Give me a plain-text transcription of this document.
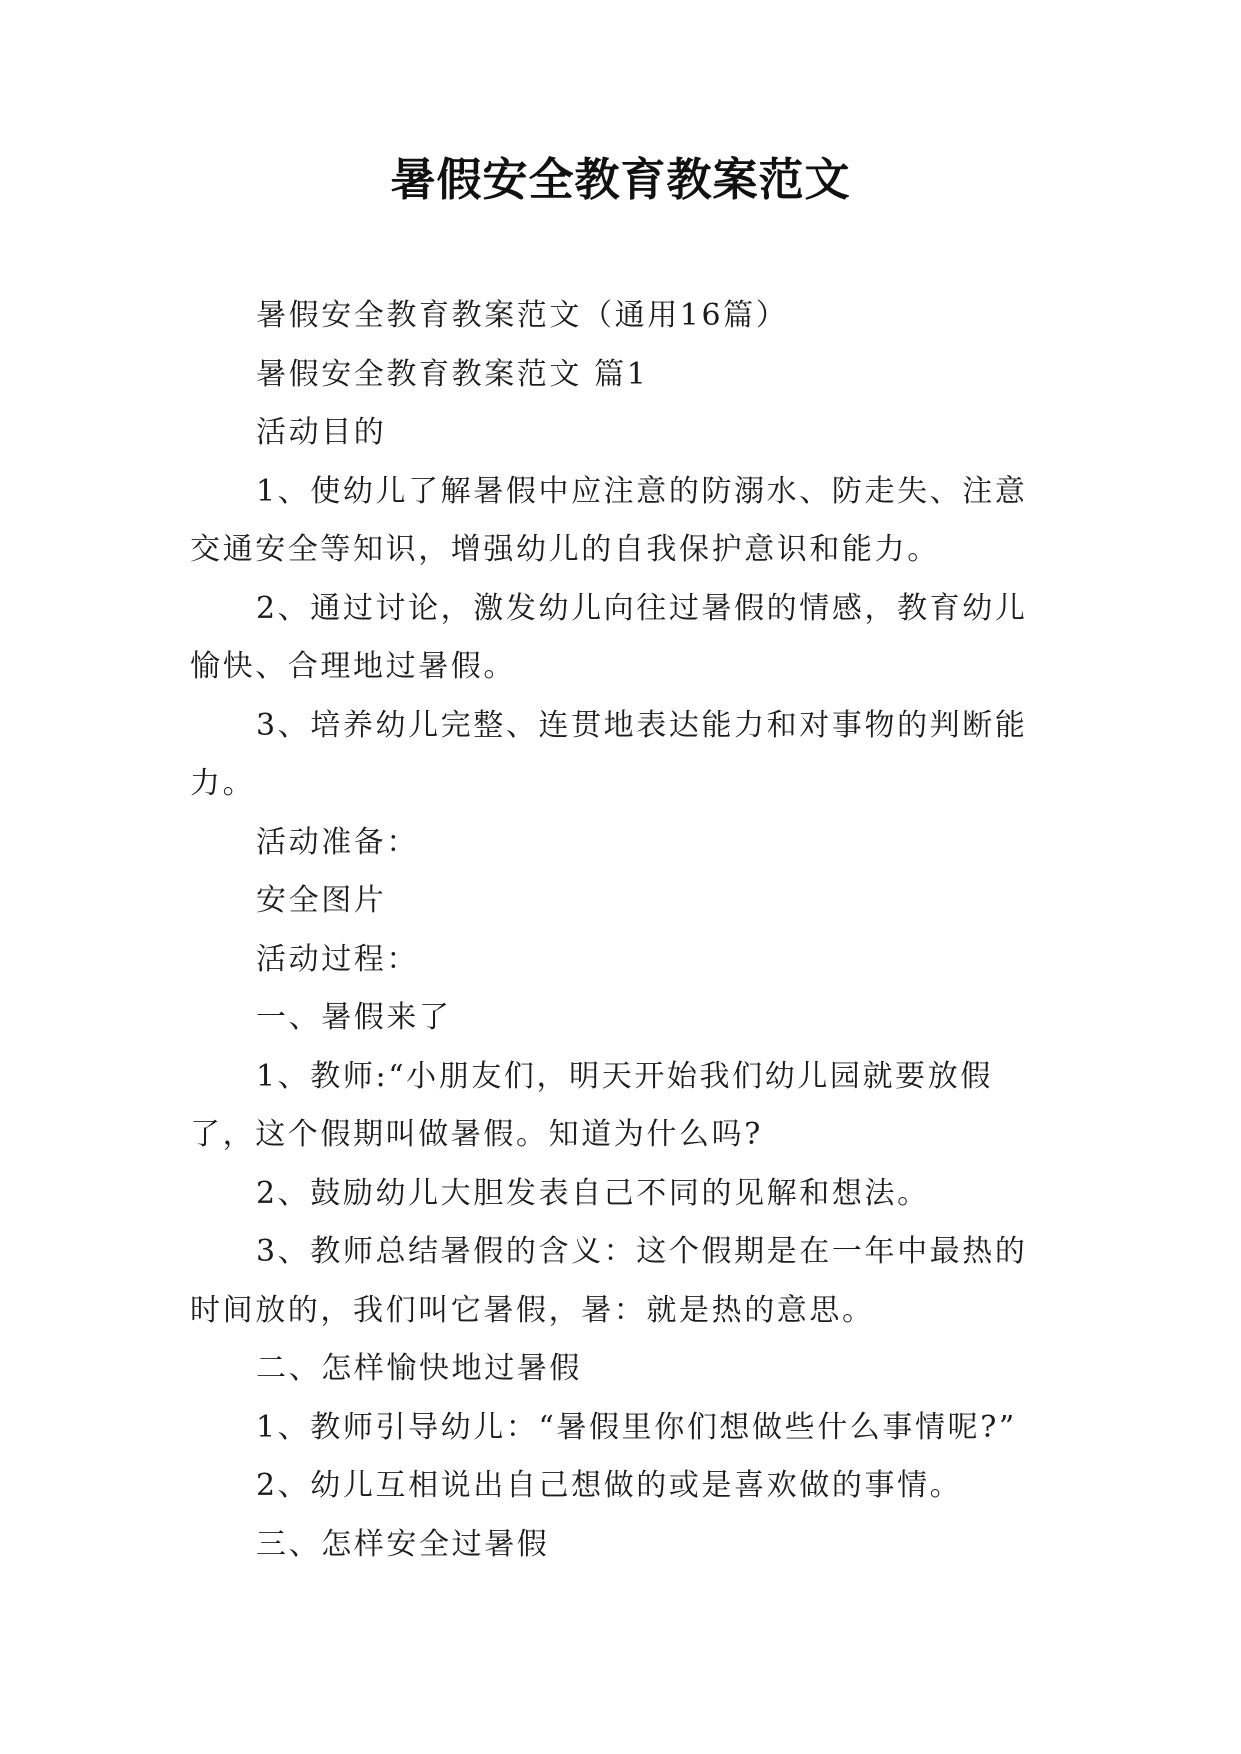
暑假安全教育教案范文

暑假安全教育教案范文（通用16篇）

暑假安全教育教案范文 篇1

活动目的

1、使幼儿了解暑假中应注意的防溺水、防走失、注意交通安全等知识，增强幼儿的自我保护意识和能力。

2、通过讨论，激发幼儿向往过暑假的情感，教育幼儿愉快、合理地过暑假。

3、培养幼儿完整、连贯地表达能力和对事物的判断能力。

活动准备：

安全图片

活动过程：

一、暑假来了

1、教师:“小朋友们，明天开始我们幼儿园就要放假了，这个假期叫做暑假。知道为什么吗?

2、鼓励幼儿大胆发表自己不同的见解和想法。

3、教师总结暑假的含义：这个假期是在一年中最热的时间放的，我们叫它暑假，暑：就是热的意思。

二、怎样愉快地过暑假

1、教师引导幼儿：“暑假里你们想做些什么事情呢?”

2、幼儿互相说出自己想做的或是喜欢做的事情。

三、怎样安全过暑假
